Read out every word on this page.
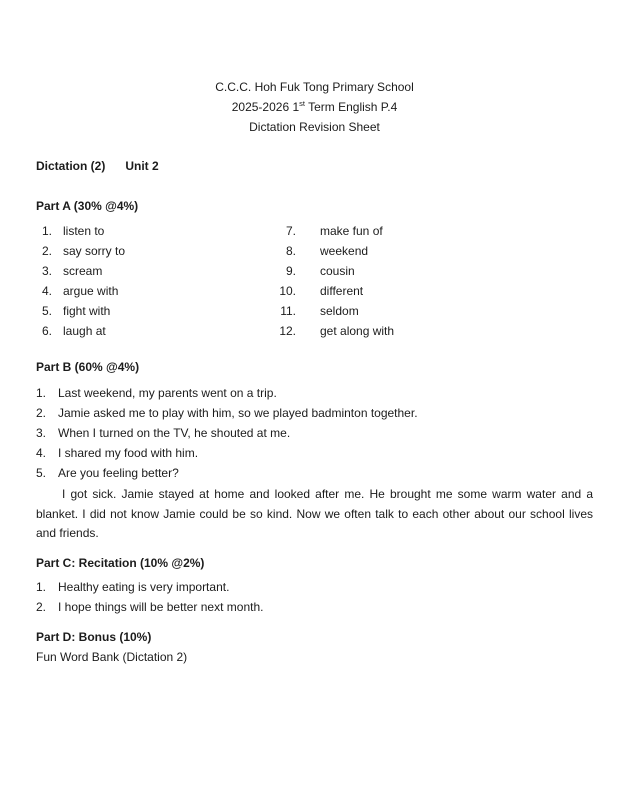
C.C.C. Hoh Fuk Tong Primary School
2025-2026 1st Term English P.4
Dictation Revision Sheet
Dictation (2) Unit 2
Part A (30% @4%)
1. listen to
2. say sorry to
3. scream
4. argue with
5. fight with
6. laugh at
7. make fun of
8. weekend
9. cousin
10. different
11. seldom
12. get along with
Part B (60% @4%)
1. Last weekend, my parents went on a trip.
2. Jamie asked me to play with him, so we played badminton together.
3. When I turned on the TV, he shouted at me.
4. I shared my food with him.
5. Are you feeling better?
I got sick. Jamie stayed at home and looked after me. He brought me some warm water and a blanket. I did not know Jamie could be so kind. Now we often talk to each other about our school lives and friends.
Part C: Recitation (10% @2%)
1. Healthy eating is very important.
2. I hope things will be better next month.
Part D: Bonus (10%)
Fun Word Bank (Dictation 2)
